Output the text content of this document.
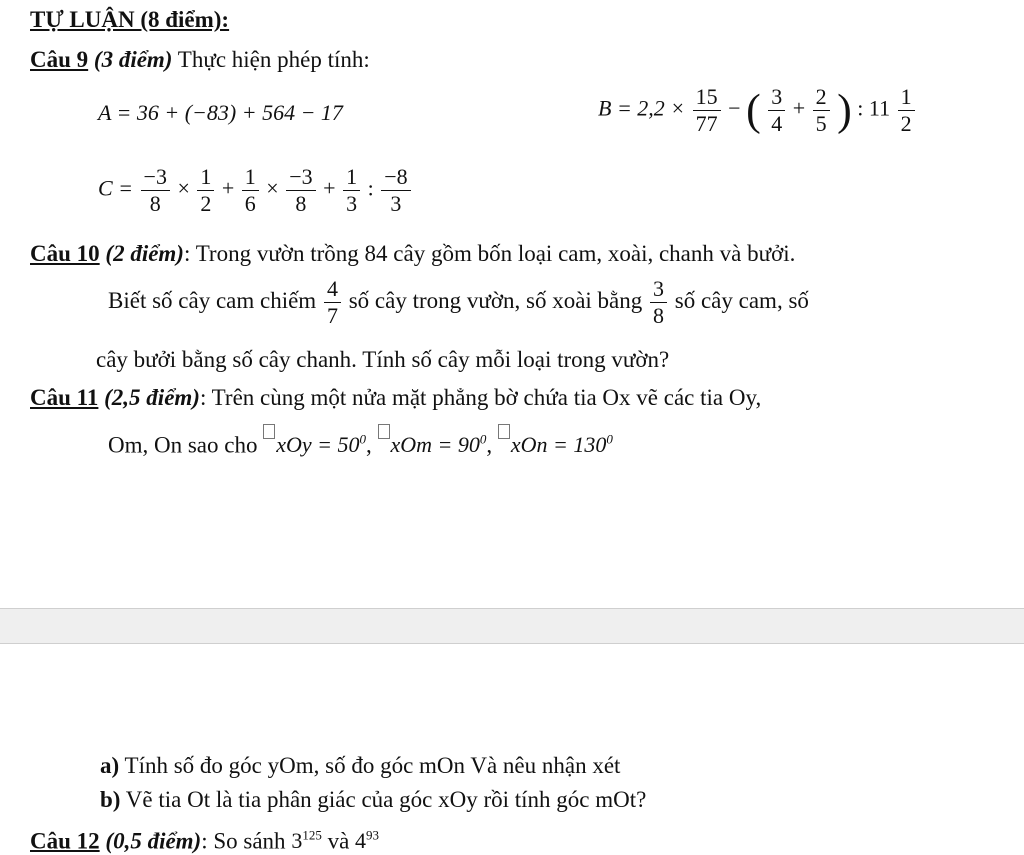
TỰ LUẬN (8 điểm):
Câu 9 (3 điểm) Thực hiện phép tính:
A = 36 + (−83) + 564 − 17	$B = 2,2 \times \frac{15}{77}$ − ( $\frac{3}{4} + \frac{2}{5}$ ) : $11 \frac{1}{2}$
$C = \frac{-3}{8} \times \frac{1}{2} + \frac{1}{6} \times \frac{-3}{8} + \frac{1}{3}$ : $\frac{-8}{3}$
Câu 10 (2 điểm): Trong vườn trồng 84 cây gồm bốn loại cam, xoài, chanh và bưởi.
Biết số cây cam chiếm $\frac{4}{7}$ số cây trong vườn, số xoài bằng $\frac{3}{8}$ số cây cam, số
cây bưởi bằng số cây chanh. Tính số cây mỗi loại trong vườn?
Câu 11 (2,5 điểm): Trên cùng một nửa mặt phẳng bờ chứa tia Ox vẽ các tia Oy,
Om, On sao cho xOy = $50^0$, xOm = $90^0$, xOn = $130^0$
a) Tính số đo góc yOm, số đo góc mOn Và nêu nhận xét
b) Vẽ tia Ot là tia phân giác của góc xOy rồi tính góc mOt?
Câu 12 (0,5 điểm): So sánh $3^{125}$ và $4^{93}$
